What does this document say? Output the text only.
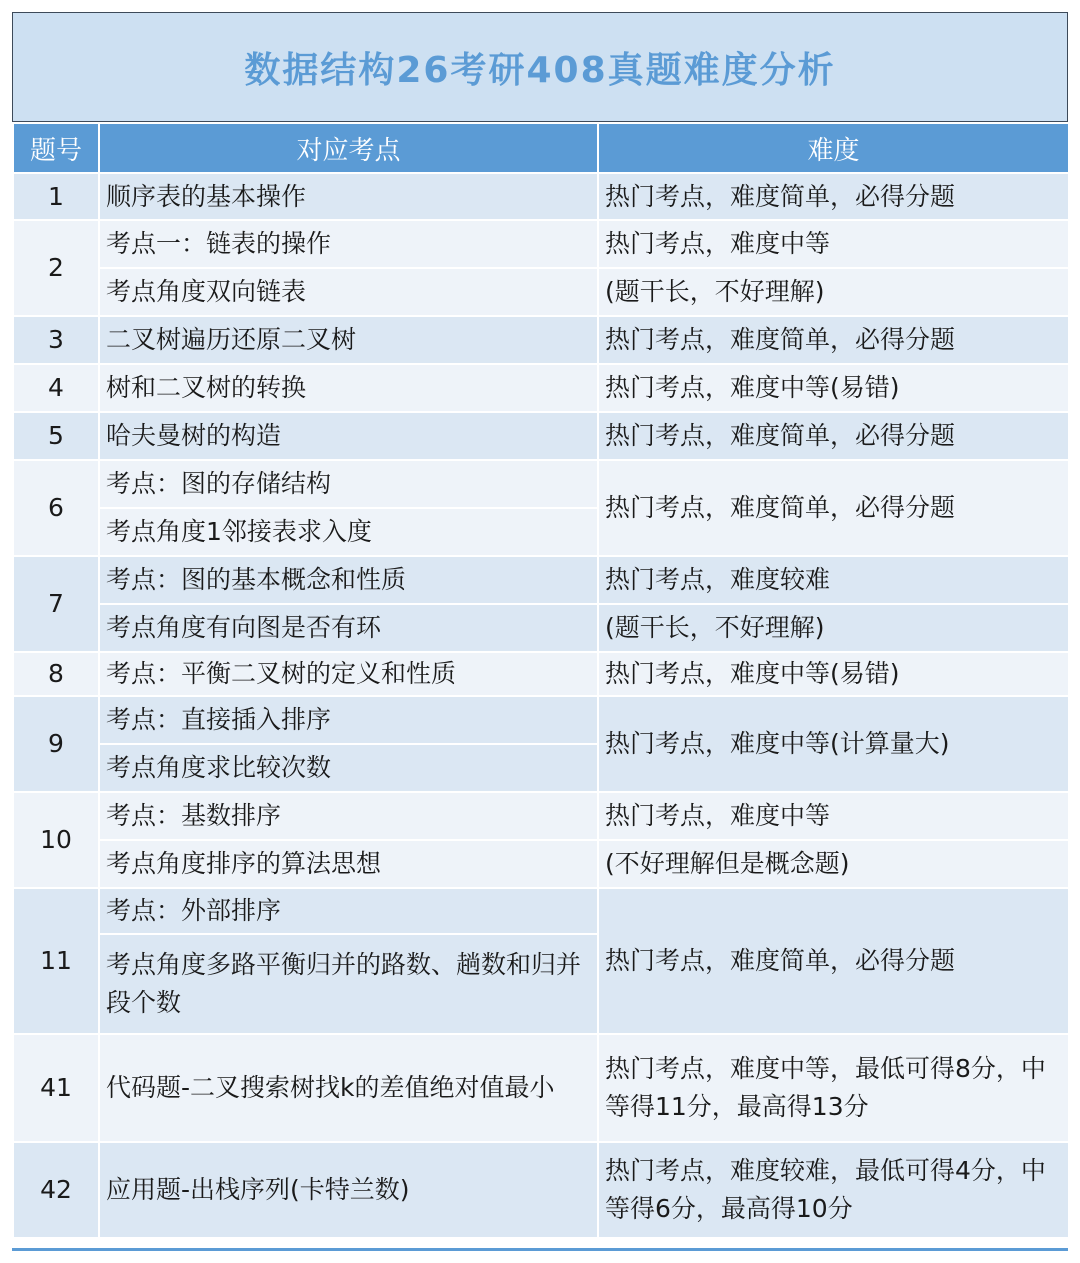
数据结构26考研408真题难度分析
题号	对应考点	难度
1	顺序表的基本操作	热门考点，难度简单，必得分题
2	考点一：链表的操作	热门考点，难度中等
	考点角度双向链表	(题干长，不好理解)
3	二叉树遍历还原二叉树	热门考点，难度简单，必得分题
4	树和二叉树的转换	热门考点，难度中等(易错)
5	哈夫曼树的构造	热门考点，难度简单，必得分题
6	考点：图的存储结构	热门考点，难度简单，必得分题
	考点角度1邻接表求入度	
7	考点：图的基本概念和性质	热门考点，难度较难
	考点角度有向图是否有环	(题干长，不好理解)
8	考点：平衡二叉树的定义和性质	热门考点，难度中等(易错)
9	考点：直接插入排序	热门考点，难度中等(计算量大)
	考点角度求比较次数	
10	考点：基数排序	热门考点，难度中等
	考点角度排序的算法思想	(不好理解但是概念题)
11	考点：外部排序	热门考点，难度简单，必得分题
	考点角度多路平衡归并的路数、趟数和归并段个数	
41	代码题-二叉搜索树找k的差值绝对值最小	热门考点，难度中等，最低可得8分，中等得11分，最高得13分
42	应用题-出栈序列(卡特兰数)	热门考点，难度较难，最低可得4分，中等得6分，最高得10分
